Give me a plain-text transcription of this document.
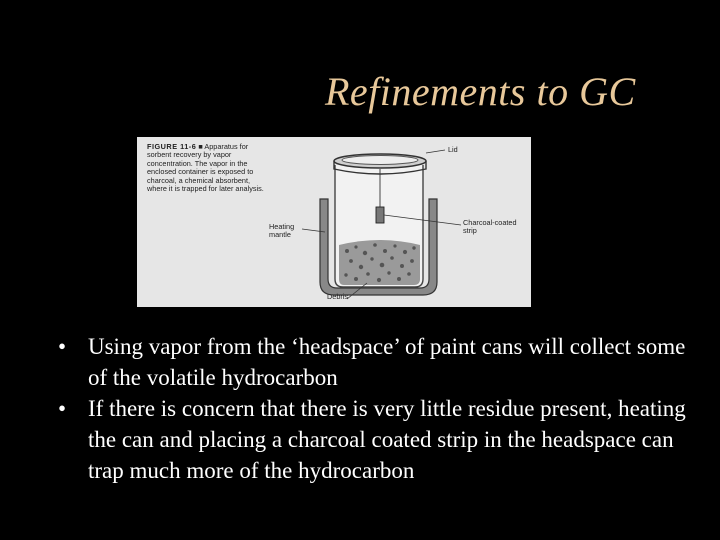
Refinements to GC
FIGURE 11-6 ■ Apparatus for sorbent recovery by vapor concentration. The vapor in the enclosed container is exposed to charcoal, a chemical absorbent, where it is trapped for later analysis.
Lid
Charcoal-coated
strip
Heating
mantle
Debris
• Using vapor from the ‘headspace’ of paint cans will collect some of the volatile hydrocarbon
• If there is concern that there is very little residue present, heating the can and placing a charcoal coated strip in the headspace can trap much more of the hydrocarbon
